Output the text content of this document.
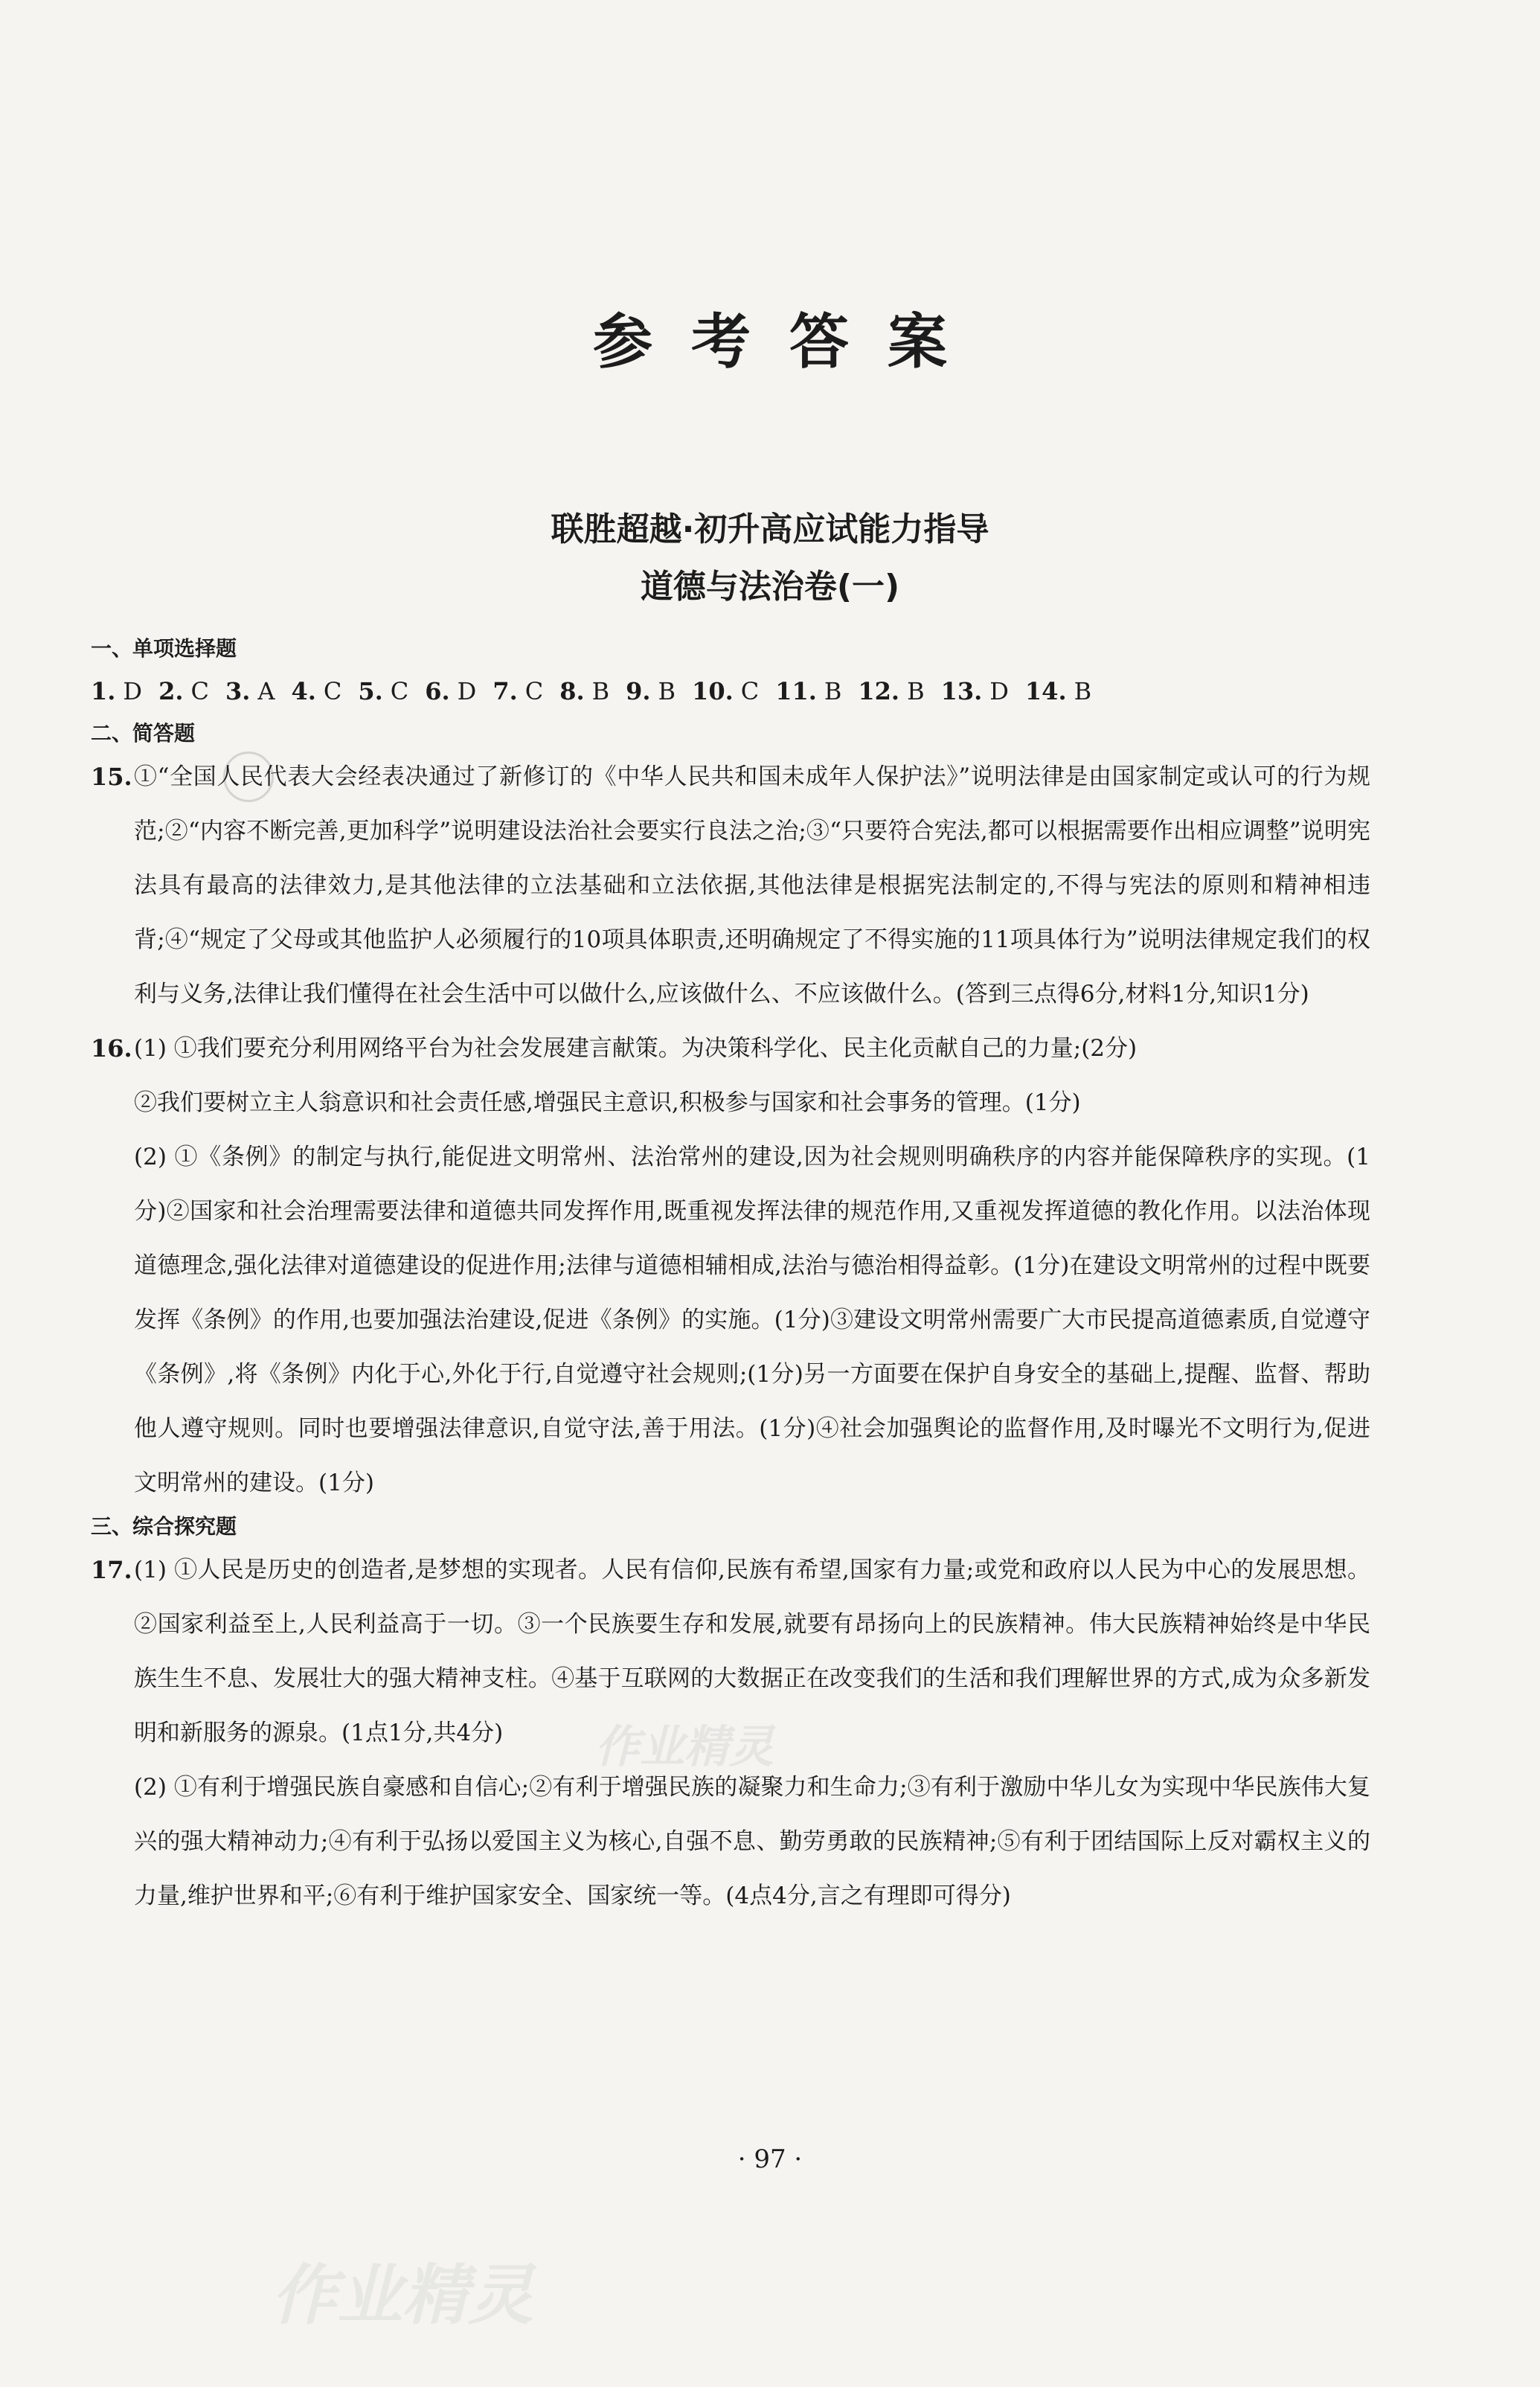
作业精灵
参考答案
联胜超越·初升高应试能力指导
道德与法治卷(一)
一、单项选择题
1. D 2. C 3. A 4. C 5. C 6. D 7. C 8. B 9. B 10. C 11. B 12. B 13. D 14. B
二、简答题
15. ①“全国人民代表大会经表决通过了新修订的《中华人民共和国未成年人保护法》”说明法律是由国家制定或认可的行为规范;②“内容不断完善,更加科学”说明建设法治社会要实行良法之治;③“只要符合宪法,都可以根据需要作出相应调整”说明宪法具有最高的法律效力,是其他法律的立法基础和立法依据,其他法律是根据宪法制定的,不得与宪法的原则和精神相违背;④“规定了父母或其他监护人必须履行的10项具体职责,还明确规定了不得实施的11项具体行为”说明法律规定我们的权利与义务,法律让我们懂得在社会生活中可以做什么,应该做什么、不应该做什么。(答到三点得6分,材料1分,知识1分)
16. (1) ①我们要充分利用网络平台为社会发展建言献策。为决策科学化、民主化贡献自己的力量;(2分)
②我们要树立主人翁意识和社会责任感,增强民主意识,积极参与国家和社会事务的管理。(1分)
(2) ①《条例》的制定与执行,能促进文明常州、法治常州的建设,因为社会规则明确秩序的内容并能保障秩序的实现。(1分)②国家和社会治理需要法律和道德共同发挥作用,既重视发挥法律的规范作用,又重视发挥道德的教化作用。以法治体现道德理念,强化法律对道德建设的促进作用;法律与道德相辅相成,法治与德治相得益彰。(1分)在建设文明常州的过程中既要发挥《条例》的作用,也要加强法治建设,促进《条例》的实施。(1分)③建设文明常州需要广大市民提高道德素质,自觉遵守《条例》,将《条例》内化于心,外化于行,自觉遵守社会规则;(1分)另一方面要在保护自身安全的基础上,提醒、监督、帮助他人遵守规则。同时也要增强法律意识,自觉守法,善于用法。(1分)④社会加强舆论的监督作用,及时曝光不文明行为,促进文明常州的建设。(1分)
三、综合探究题
17. (1) ①人民是历史的创造者,是梦想的实现者。人民有信仰,民族有希望,国家有力量;或党和政府以人民为中心的发展思想。②国家利益至上,人民利益高于一切。③一个民族要生存和发展,就要有昂扬向上的民族精神。伟大民族精神始终是中华民族生生不息、发展壮大的强大精神支柱。④基于互联网的大数据正在改变我们的生活和我们理解世界的方式,成为众多新发明和新服务的源泉。(1点1分,共4分)
(2) ①有利于增强民族自豪感和自信心;②有利于增强民族的凝聚力和生命力;③有利于激励中华儿女为实现中华民族伟大复兴的强大精神动力;④有利于弘扬以爱国主义为核心,自强不息、勤劳勇敢的民族精神;⑤有利于团结国际上反对霸权主义的力量,维护世界和平;⑥有利于维护国家安全、国家统一等。(4点4分,言之有理即可得分)
· 97 ·
作业精灵
